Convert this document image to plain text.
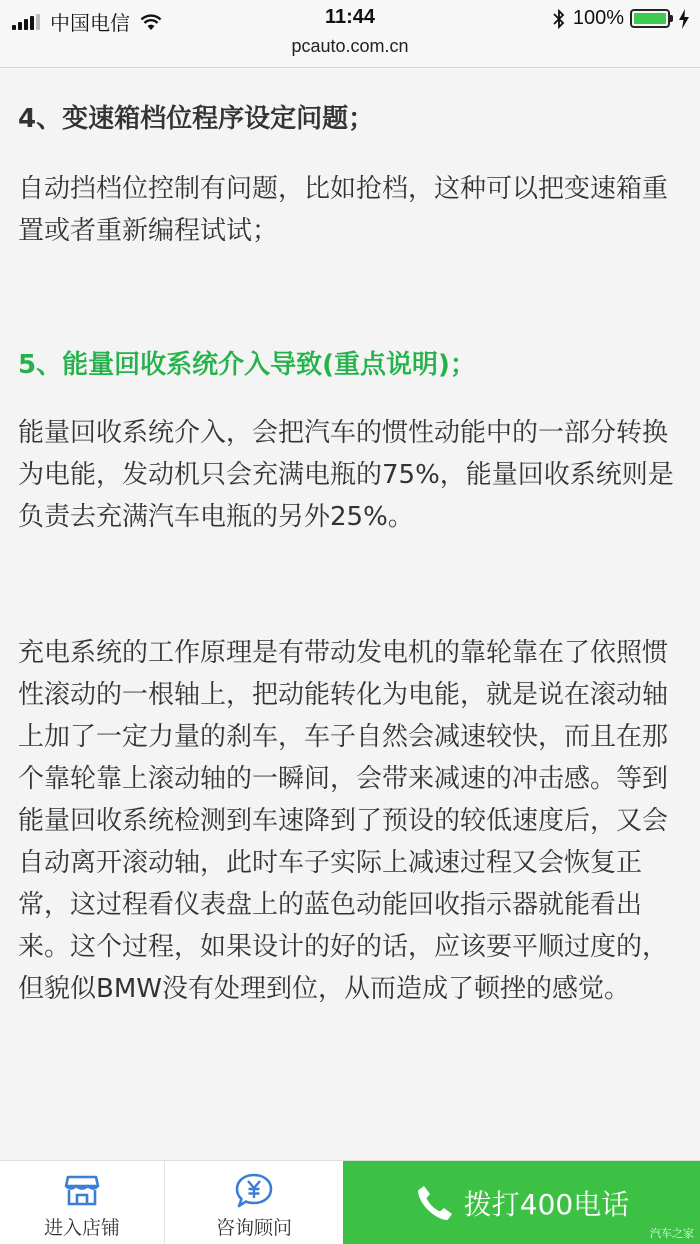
中国电信	11:44	100%
pcauto.com.cn
4、变速箱档位程序设定问题；
自动挡档位控制有问题，比如抢档，这种可以把变速箱重置或者重新编程试试；
5、能量回收系统介入导致(重点说明)；
能量回收系统介入，会把汽车的惯性动能中的一部分转换为电能，发动机只会充满电瓶的75%，能量回收系统则是负责去充满汽车电瓶的另外25%。
充电系统的工作原理是有带动发电机的靠轮靠在了依照惯性滚动的一根轴上，把动能转化为电能，就是说在滚动轴上加了一定力量的刹车，车子自然会减速较快，而且在那个靠轮靠上滚动轴的一瞬间，会带来减速的冲击感。等到能量回收系统检测到车速降到了预设的较低速度后，又会自动离开滚动轴，此时车子实际上减速过程又会恢复正常，这过程看仪表盘上的蓝色动能回收指示器就能看出来。这个过程，如果设计的好的话，应该要平顺过度的，但貌似BMW没有处理到位，从而造成了顿挫的感觉。
进入店铺	咨询顾问
拨打400电话
汽车之家
